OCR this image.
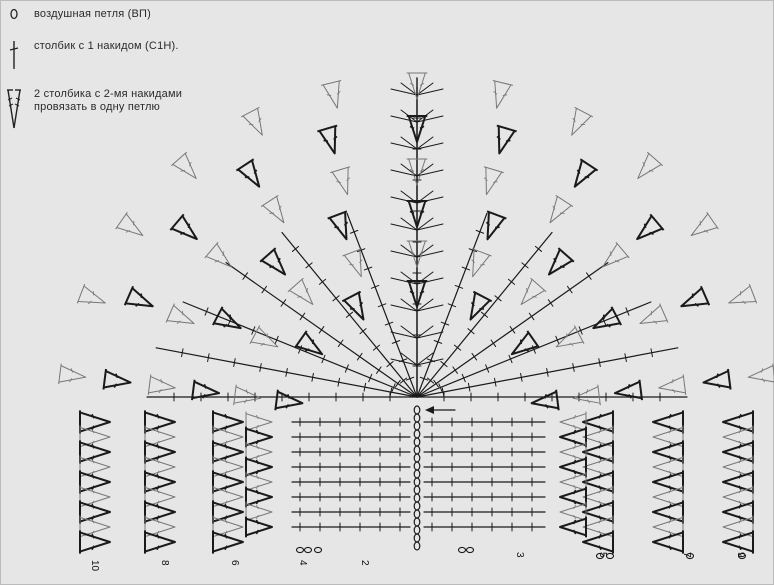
воздушная петля (ВП)
столбик с 1 накидом (С1Н).
2 столбика с 2-мя накидами
провязать в одну петлю
10	8	6	4	2
3	5	7	9
